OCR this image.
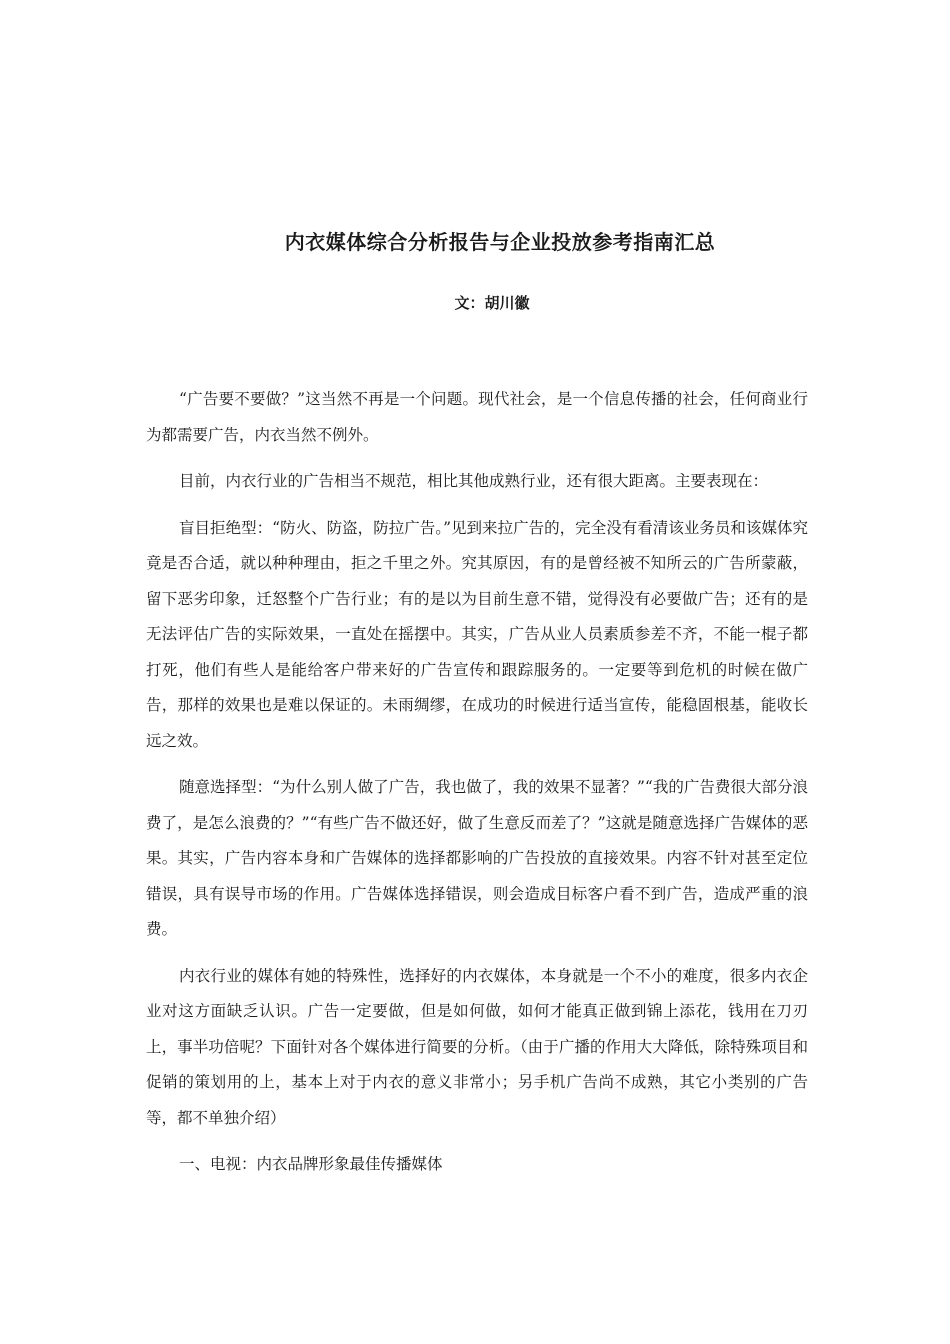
内衣媒体综合分析报告与企业投放参考指南汇总

文：胡川徽

“广告要不要做？”这当然不再是一个问题。现代社会，是一个信息传播的社会，任何商业行为都需要广告，内衣当然不例外。

目前，内衣行业的广告相当不规范，相比其他成熟行业，还有很大距离。主要表现在：

盲目拒绝型：“防火、防盗，防拉广告。”见到来拉广告的，完全没有看清该业务员和该媒体究竟是否合适，就以种种理由，拒之千里之外。究其原因，有的是曾经被不知所云的广告所蒙蔽，留下恶劣印象，迁怒整个广告行业；有的是以为目前生意不错，觉得没有必要做广告；还有的是无法评估广告的实际效果，一直处在摇摆中。其实，广告从业人员素质参差不齐，不能一棍子都打死，他们有些人是能给客户带来好的广告宣传和跟踪服务的。一定要等到危机的时候在做广告，那样的效果也是难以保证的。未雨绸缪，在成功的时候进行适当宣传，能稳固根基，能收长远之效。

随意选择型：“为什么别人做了广告，我也做了，我的效果不显著？”“我的广告费很大部分浪费了，是怎么浪费的？”“有些广告不做还好，做了生意反而差了？”这就是随意选择广告媒体的恶果。其实，广告内容本身和广告媒体的选择都影响的广告投放的直接效果。内容不针对甚至定位错误，具有误导市场的作用。广告媒体选择错误，则会造成目标客户看不到广告，造成严重的浪费。

内衣行业的媒体有她的特殊性，选择好的内衣媒体，本身就是一个不小的难度，很多内衣企业对这方面缺乏认识。广告一定要做，但是如何做，如何才能真正做到锦上添花，钱用在刀刃上，事半功倍呢？下面针对各个媒体进行简要的分析。（由于广播的作用大大降低，除特殊项目和促销的策划用的上，基本上对于内衣的意义非常小；另手机广告尚不成熟，其它小类别的广告等，都不单独介绍）

一、电视：内衣品牌形象最佳传播媒体
